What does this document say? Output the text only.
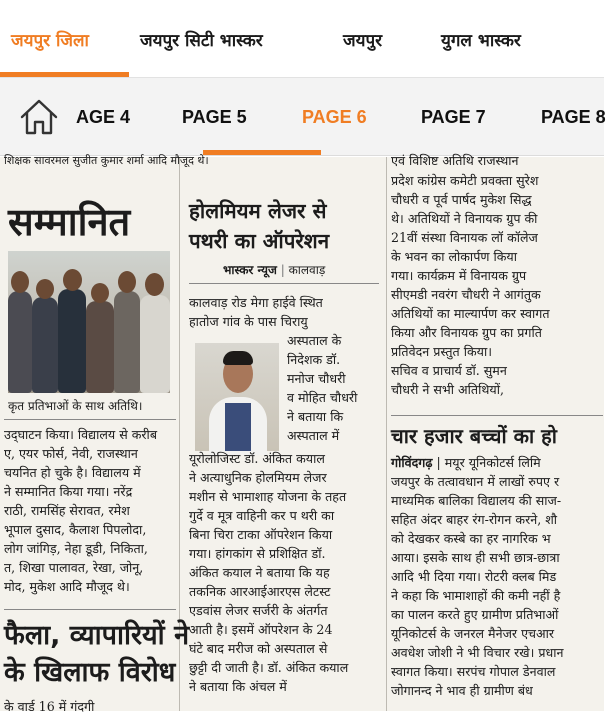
जयपुर जिला	जयपुर सिटी भास्कर	जयपुर	युगल भास्कर
AGE 4	PAGE 5	PAGE 6	PAGE 7	PAGE 8
शिक्षक सावरमल सुजीत कुमार शर्मा आदि मौजूद थे।
सम्मानित
कृत प्रतिभाओं के साथ अतिथि।
उद्‌घाटन किया। विद्यालय से करीब
ए, एयर फोर्स, नेवी, राजस्थान
चयनित हो चुके है। विद्यालय में
ने सम्मानित किया गया। नरेंद्र
राठी, रामसिंह सेरावत, रमेश
भूपाल दुसाद, कैलाश पिपलोदा,
लोग जांगिड़, नेहा डूडी, निकिता,
त, शिखा पालावत, रेखा, जोनू,
मोद, मुकेश आदि मौजूद थे।
फैला, व्यापारियों ने
के खिलाफ विरोध
के वार्ड 16 में गंदगी
होलमियम लेजर से
पथरी का ऑपरेशन
भास्कर न्यूज | कालवाड़
कालवाड़ रोड मेगा हाईवे स्थित
हातोज गांव के पास चिरायु
अस्पताल के
निदेशक डॉ.
मनोज चौधरी
व मोहित चौधरी
ने बताया कि
अस्पताल में
यूरोलोजिस्ट डॉ. अंकित कयाल
ने अत्याधुनिक होलमियम लेजर
मशीन से भामाशाह योजना के तहत
गुर्दे व मूत्र वाहिनी कर प थरी का
बिना चिरा टाका ऑपरेशन किया
गया। हांगकांग से प्रशिक्षित डॉ.
अंकित कयाल ने बताया कि यह
तकनिक आरआईआरएस लेटस्ट
एडवांस लेजर सर्जरी के अंतर्गत
आती है। इसमें ऑपरेशन के 24
घंटे बाद मरीज को अस्पताल से
छुट्टी दी जाती है। डॉ. अंकित कयाल
ने बताया कि अंचल में
एवं विशिष्ट अतिथि राजस्थान
प्रदेश कांग्रेस कमेटी प्रवक्ता सुरेश
चौधरी व पूर्व पार्षद मुकेश सिद्ध
थे। अतिथियों ने विनायक ग्रुप की
21वीं संस्था विनायक लॉ कॉलेज
के भवन का लोकार्पण किया
गया। कार्यक्रम में विनायक ग्रुप
सीएमडी नवरंग चौधरी ने आगंतुक
अतिथियों का माल्यार्पण कर स्वागत
किया और विनायक ग्रुप का प्रगति
प्रतिवेदन प्रस्तुत किया।
सचिव व प्राचार्य डॉ. सुमन
चौधरी ने सभी अतिथियों,
चार हजार बच्चों का हो
गोविंदगढ़ | मयूर यूनिकोटर्स लिमि
जयपुर के तत्वावधान में लाखों रुपए र
माध्यमिक बालिका विद्यालय की साज-
सहित अंदर बाहर रंग-रोगन करने, शौ
को देखकर कस्बे का हर नागरिक भ
आया। इसके साथ ही सभी छात्र-छात्रा
आदि भी दिया गया। रोटरी क्लब मिड
ने कहा कि भामाशाहों की कमी नहीं है
का पालन करते हुए ग्रामीण प्रतिभाओं
यूनिकोटर्स के जनरल मैनेजर एचआर
अवधेश जोशी ने भी विचार रखे। प्रधान
स्वागत किया। सरपंच गोपाल डेनवाल
जोगानन्द ने भाव ही ग्रामीण बंध
